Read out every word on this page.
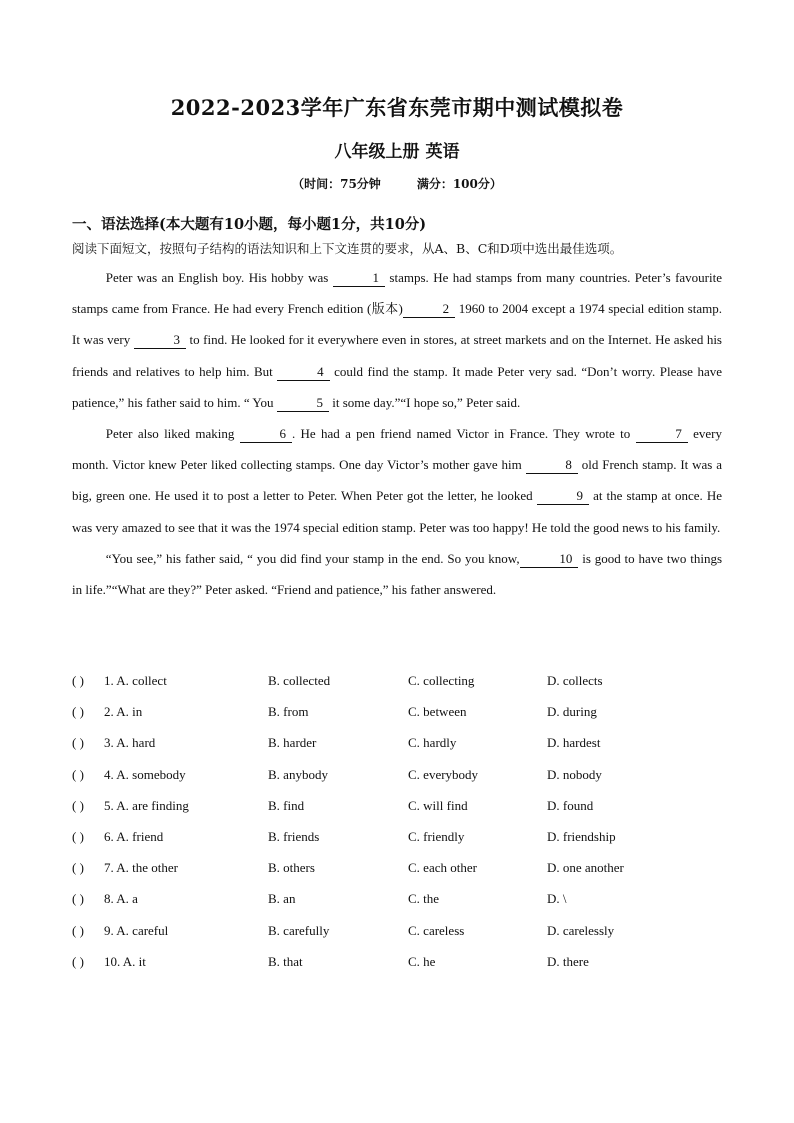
2022-2023学年广东省东莞市期中测试模拟卷
八年级上册 英语
（时间：75分钟	满分：100分）
一、语法选择(本大题有10小题，每小题1分，共10分)
阅读下面短文，按照句子结构的语法知识和上下文连贯的要求，从A、B、C和D项中选出最佳选项。

Peter was an English boy. His hobby was	1 stamps. He had stamps from many countries. Peter’s favourite stamps came from France. He had every French edition (版本)	2 1960 to 2004 except a 1974 special edition stamp. It was very	3 to find. He looked for it everywhere even in stores, at street markets and on the Internet. He asked his friends and relatives to help him. But	4 could find the stamp. It made Peter very sad. “Don’t worry. Please have patience,” his father said to him. “ You	5 it some day.”“I hope so,” Peter said.

Peter also liked making	6 . He had a pen friend named Victor in France. They wrote to	7 every month. Victor knew Peter liked collecting stamps. One day Victor’s mother gave him	8 old French stamp. It was a big, green one. He used it to post a letter to Peter. When Peter got the letter, he looked	9 at the stamp at once. He was very amazed to see that it was the 1974 special edition stamp. Peter was too happy! He told the good news to his family.

“You see,” his father said, “ you did find your stamp in the end. So you know,	10 is good to have two things in life.”“What are they?” Peter asked. “Friend and patience,” his father answered.

( ) 1. A. collect	B. collected	C. collecting	D. collects
( ) 2. A. in	B. from	C. between	D. during
( ) 3. A. hard	B. harder	C. hardly	D. hardest
( ) 4. A. somebody	B. anybody	C. everybody	D. nobody
( ) 5. A. are finding	B. find	C. will find	D. found
( ) 6. A. friend	B. friends	C. friendly	D. friendship
( ) 7. A. the other	B. others	C. each other	D. one another
( ) 8. A. a	B. an	C. the	D. \
( ) 9. A. careful	B. carefully	C. careless	D. carelessly
( ) 10. A. it	B. that	C. he	D. there
